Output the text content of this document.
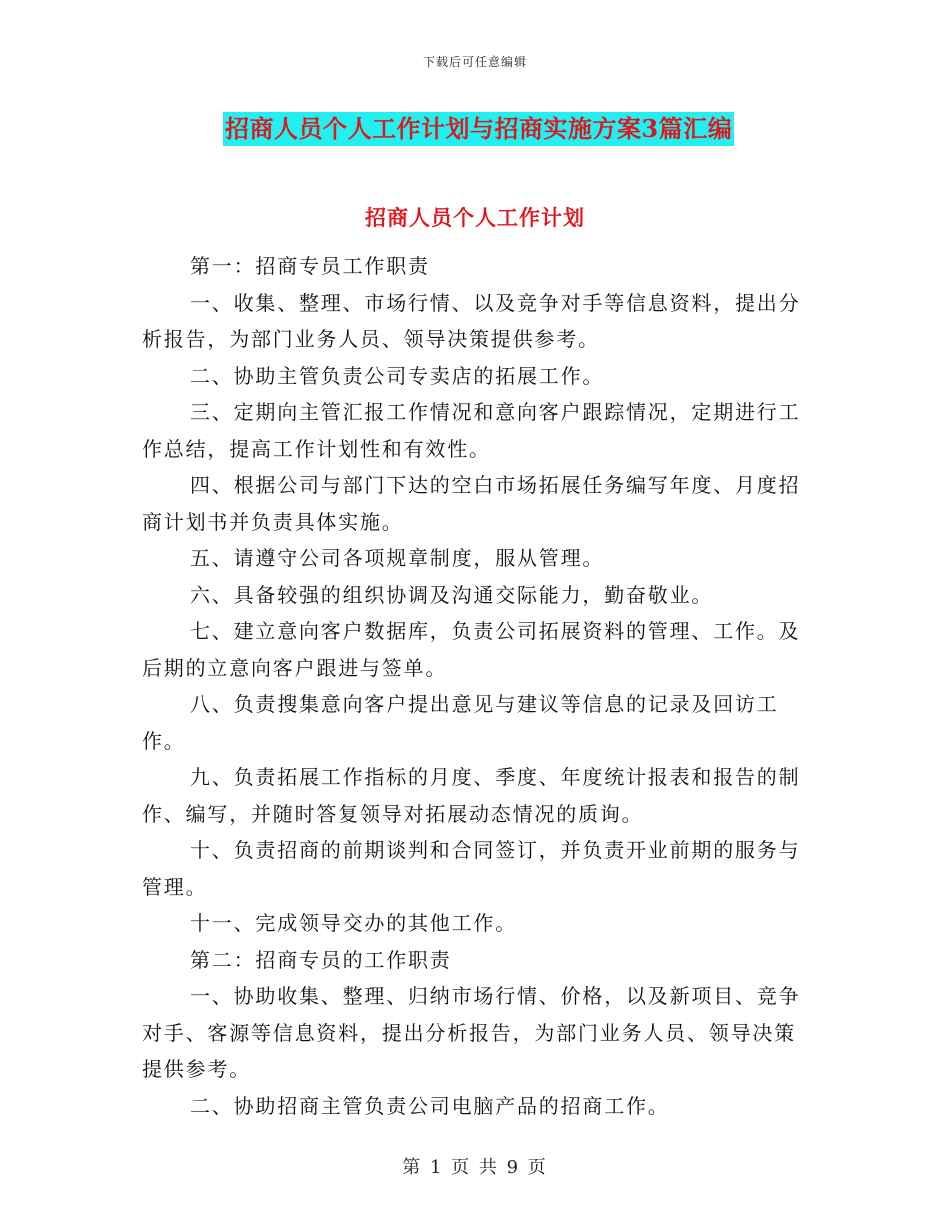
下载后可任意编辑
招商人员个人工作计划与招商实施方案3篇汇编
招商人员个人工作计划

第一：招商专员工作职责

一、收集、整理、市场行情、以及竞争对手等信息资料，提出分析报告，为部门业务人员、领导决策提供参考。

二、协助主管负责公司专卖店的拓展工作。

三、定期向主管汇报工作情况和意向客户跟踪情况，定期进行工作总结，提高工作计划性和有效性。

四、根据公司与部门下达的空白市场拓展任务编写年度、月度招商计划书并负责具体实施。

五、请遵守公司各项规章制度，服从管理。

六、具备较强的组织协调及沟通交际能力，勤奋敬业。

七、建立意向客户数据库，负责公司拓展资料的管理、工作。及后期的立意向客户跟进与签单。

八、负责搜集意向客户提出意见与建议等信息的记录及回访工作。

九、负责拓展工作指标的月度、季度、年度统计报表和报告的制作、编写，并随时答复领导对拓展动态情况的质询。

十、负责招商的前期谈判和合同签订，并负责开业前期的服务与管理。

十一、完成领导交办的其他工作。

第二：招商专员的工作职责

一、协助收集、整理、归纳市场行情、价格，以及新项目、竞争对手、客源等信息资料，提出分析报告，为部门业务人员、领导决策提供参考。

二、协助招商主管负责公司电脑产品的招商工作。

第 1 页 共 9 页
